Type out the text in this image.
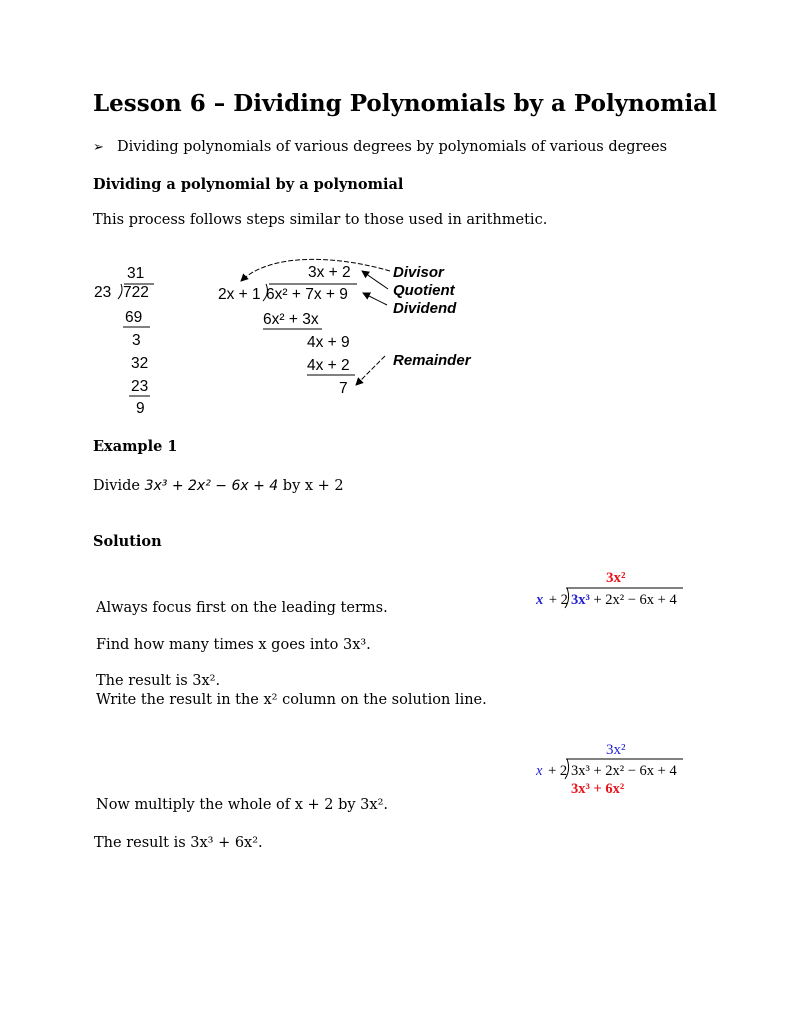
Lesson 6 – Dividing Polynomials by a Polynomial
➢ Dividing polynomials of various degrees by polynomials of various degrees
Dividing a polynomial by a polynomial
This process follows steps similar to those used in arithmetic.
31
23 722
69
3
32
23
9
3x + 2
2x + 1 6x² + 7x + 9
6x² + 3x
4x + 9
4x + 2
7
Divisor
Quotient
Dividend
Remainder
Example 1
Divide 3x³ + 2x² − 6x + 4 by x + 2
Solution
Always focus first on the leading terms.
Find how many times x goes into 3x³.
The result is 3x².
Write the result in the x² column on the solution line.
Now multiply the whole of x + 2 by 3x².
The result is 3x³ + 6x².
3x²
x + 2 3x³ + 2x² − 6x + 4
3x²
x + 2 3x³ + 2x² − 6x + 4
3x³ + 6x²
